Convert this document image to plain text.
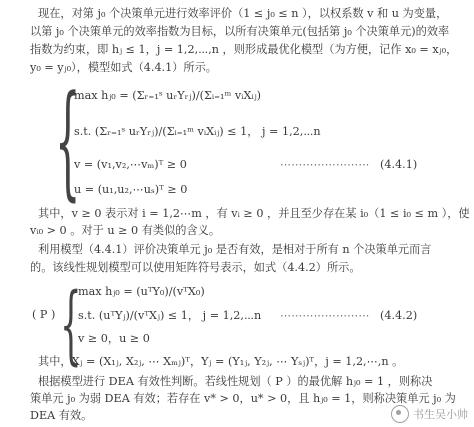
现在，对第 j₀ 个决策单元进行效率评价（1 ≤ j₀ ≤ n ），以权系数 v 和 u 为变量，
以第 j₀ 个决策单元的效率指数为目标，以所有决策单元(包括第 j₀ 个决策单元)的效率
指数为约束，即 hⱼ ≤ 1，j = 1,2,⋯,n ，则形成最优化模型（为方便，记作 x₀ = xⱼ₀，
y₀ = yⱼ₀），模型如式（4.4.1）所示。
{
max hⱼ₀ = (Σᵣ₌₁ˢ uᵣYᵣⱼ)/(Σᵢ₌₁ᵐ vᵢXᵢⱼ)
s.t. (Σᵣ₌₁ˢ uᵣYᵣⱼ)/(Σᵢ₌₁ᵐ vᵢXᵢⱼ) ≤ 1， j = 1,2,⋯n
v = (v₁,v₂,⋯vₘ)ᵀ ≥ 0
u = (u₁,u₂,⋯uₛ)ᵀ ≥ 0
⋯⋯⋯⋯⋯⋯⋯⋯ (4.4.1)
其中，v ≥ 0 表示对 i = 1,2⋯m ，有 vᵢ ≥ 0 ，并且至少存在某 i₀（1 ≤ i₀ ≤ m ），使
vᵢ₀ > 0 。对于 u ≥ 0 有类似的含义。
利用模型（4.4.1）评价决策单元 j₀ 是否有效，是相对于所有 n 个决策单元而言
的。该线性规划模型可以使用矩阵符号表示，如式（4.4.2）所示。
( P ) {
max hⱼ₀ = (uᵀY₀)/(vᵀX₀)
s.t. (uᵀYⱼ)/(vᵀXⱼ) ≤ 1， j = 1,2,⋯n
v ≥ 0，u ≥ 0
⋯⋯⋯⋯⋯⋯⋯⋯ (4.4.2)
其中，Xⱼ = (X₁ⱼ, X₂ⱼ, ⋯ Xₘⱼ)ᵀ，Yⱼ = (Y₁ⱼ, Y₂ⱼ, ⋯ Yₛⱼ)ᵀ，j = 1,2,⋯,n 。
根据模型进行 DEA 有效性判断。若线性规划（ P ）的最优解 hⱼ₀ = 1 ，则称决
策单元 j₀ 为弱 DEA 有效；若存在 v* > 0，u* > 0，且 hⱼ₀ = 1，则称决策单元 j₀ 为
DEA 有效。	书生吴小帅
